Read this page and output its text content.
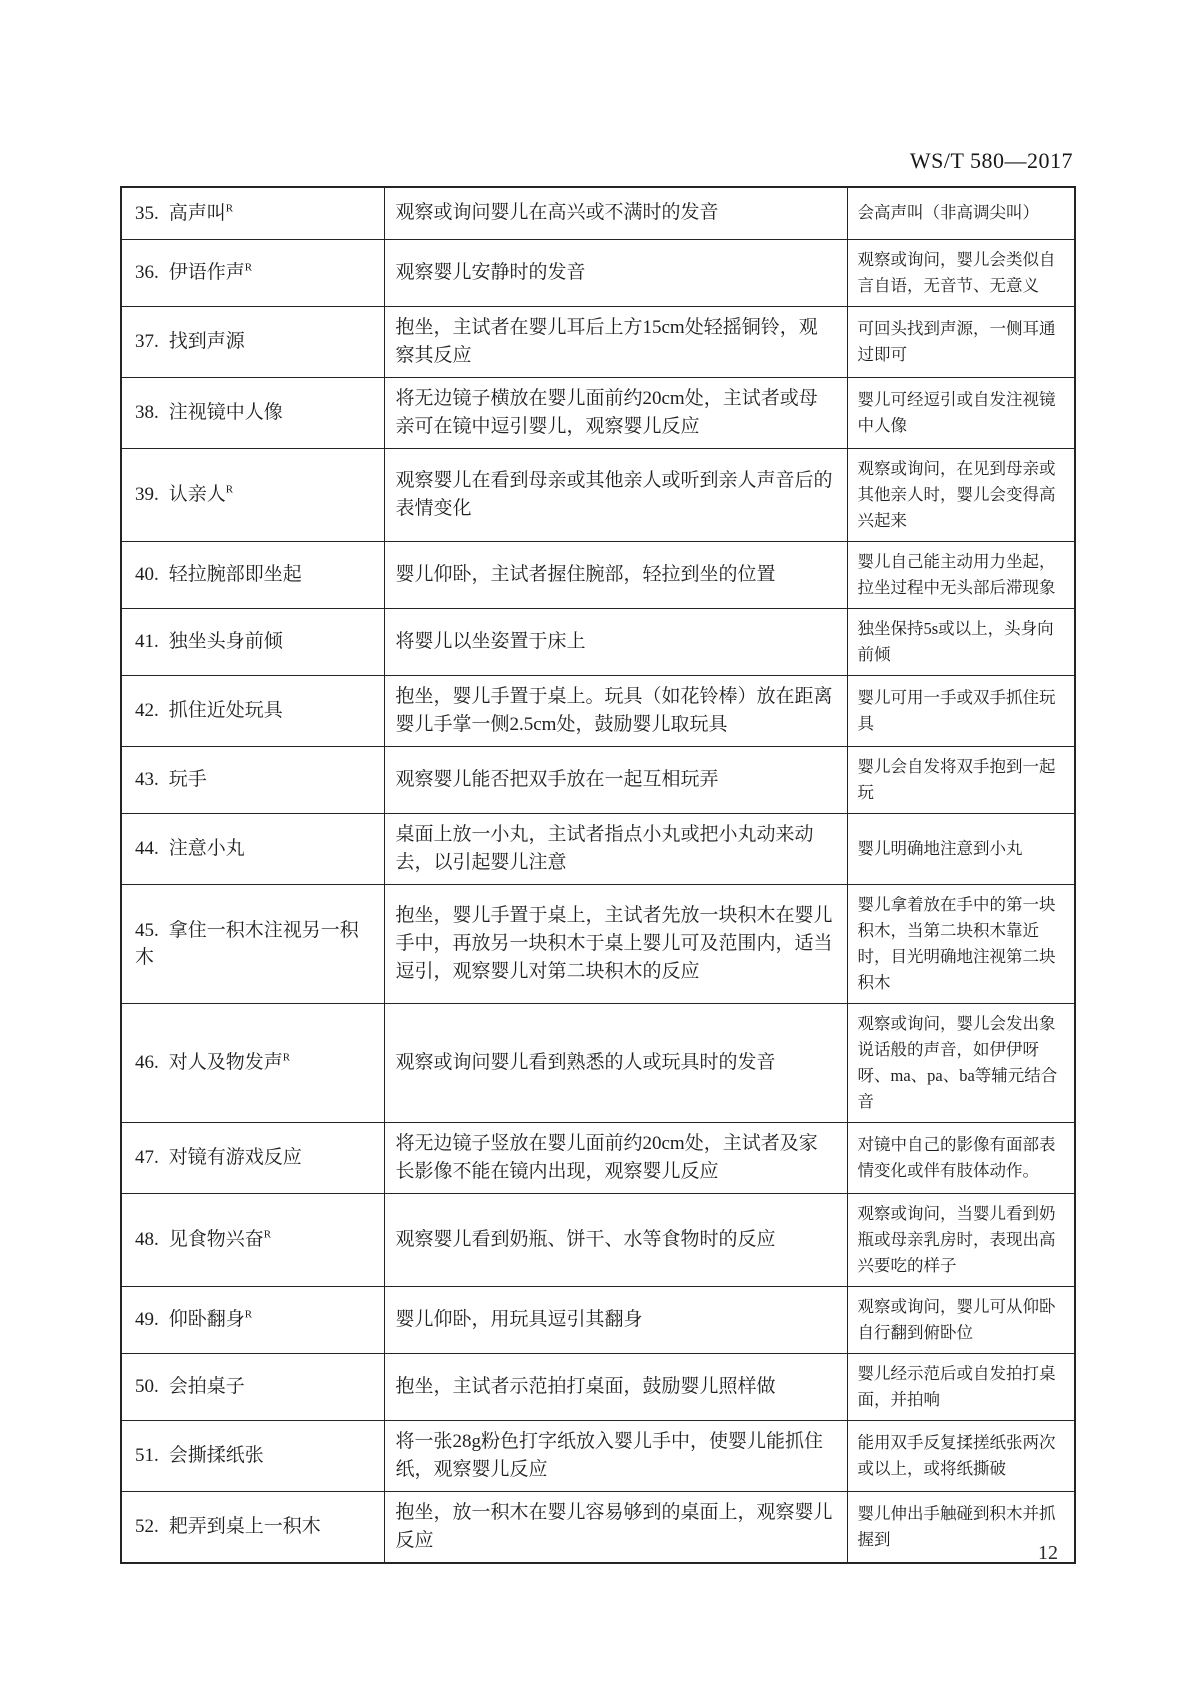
WS/T 580—2017
35. 高声叫$^R$	观察或询问婴儿在高兴或不满时的发音	会高声叫（非高调尖叫）
36. 伊语作声$^R$	观察婴儿安静时的发音	观察或询问，婴儿会类似自言自语，无音节、无意义
37. 找到声源	抱坐，主试者在婴儿耳后上方15cm处轻摇铜铃，观察其反应	可回头找到声源，一侧耳通过即可
38. 注视镜中人像	将无边镜子横放在婴儿面前约20cm处，主试者或母亲可在镜中逗引婴儿，观察婴儿反应	婴儿可经逗引或自发注视镜中人像
39. 认亲人$^R$	观察婴儿在看到母亲或其他亲人或听到亲人声音后的表情变化	观察或询问，在见到母亲或其他亲人时，婴儿会变得高兴起来
40. 轻拉腕部即坐起	婴儿仰卧，主试者握住腕部，轻拉到坐的位置	婴儿自己能主动用力坐起，拉坐过程中无头部后滞现象
41. 独坐头身前倾	将婴儿以坐姿置于床上	独坐保持5s或以上，头身向前倾
42. 抓住近处玩具	抱坐，婴儿手置于桌上。玩具（如花铃棒）放在距离婴儿手掌一侧2.5cm处，鼓励婴儿取玩具	婴儿可用一手或双手抓住玩具
43. 玩手	观察婴儿能否把双手放在一起互相玩弄	婴儿会自发将双手抱到一起玩
44. 注意小丸	桌面上放一小丸，主试者指点小丸或把小丸动来动去，以引起婴儿注意	婴儿明确地注意到小丸
45. 拿住一积木注视另一积木	抱坐，婴儿手置于桌上，主试者先放一块积木在婴儿手中，再放另一块积木于桌上婴儿可及范围内，适当逗引，观察婴儿对第二块积木的反应	婴儿拿着放在手中的第一块积木，当第二块积木靠近时，目光明确地注视第二块积木
46. 对人及物发声$^R$	观察或询问婴儿看到熟悉的人或玩具时的发音	观察或询问，婴儿会发出象说话般的声音，如伊伊呀呀、ma、pa、ba等辅元结合音
47. 对镜有游戏反应	将无边镜子竖放在婴儿面前约20cm处，主试者及家长影像不能在镜内出现，观察婴儿反应	对镜中自己的影像有面部表情变化或伴有肢体动作。
48. 见食物兴奋$^R$	观察婴儿看到奶瓶、饼干、水等食物时的反应	观察或询问，当婴儿看到奶瓶或母亲乳房时，表现出高兴要吃的样子
49. 仰卧翻身$^R$	婴儿仰卧，用玩具逗引其翻身	观察或询问，婴儿可从仰卧自行翻到俯卧位
50. 会拍桌子	抱坐，主试者示范拍打桌面，鼓励婴儿照样做	婴儿经示范后或自发拍打桌面，并拍响
51. 会撕揉纸张	将一张28g粉色打字纸放入婴儿手中，使婴儿能抓住纸，观察婴儿反应	能用双手反复揉搓纸张两次或以上，或将纸撕破
52. 耙弄到桌上一积木	抱坐，放一积木在婴儿容易够到的桌面上，观察婴儿反应	婴儿伸出手触碰到积木并抓握到
12
